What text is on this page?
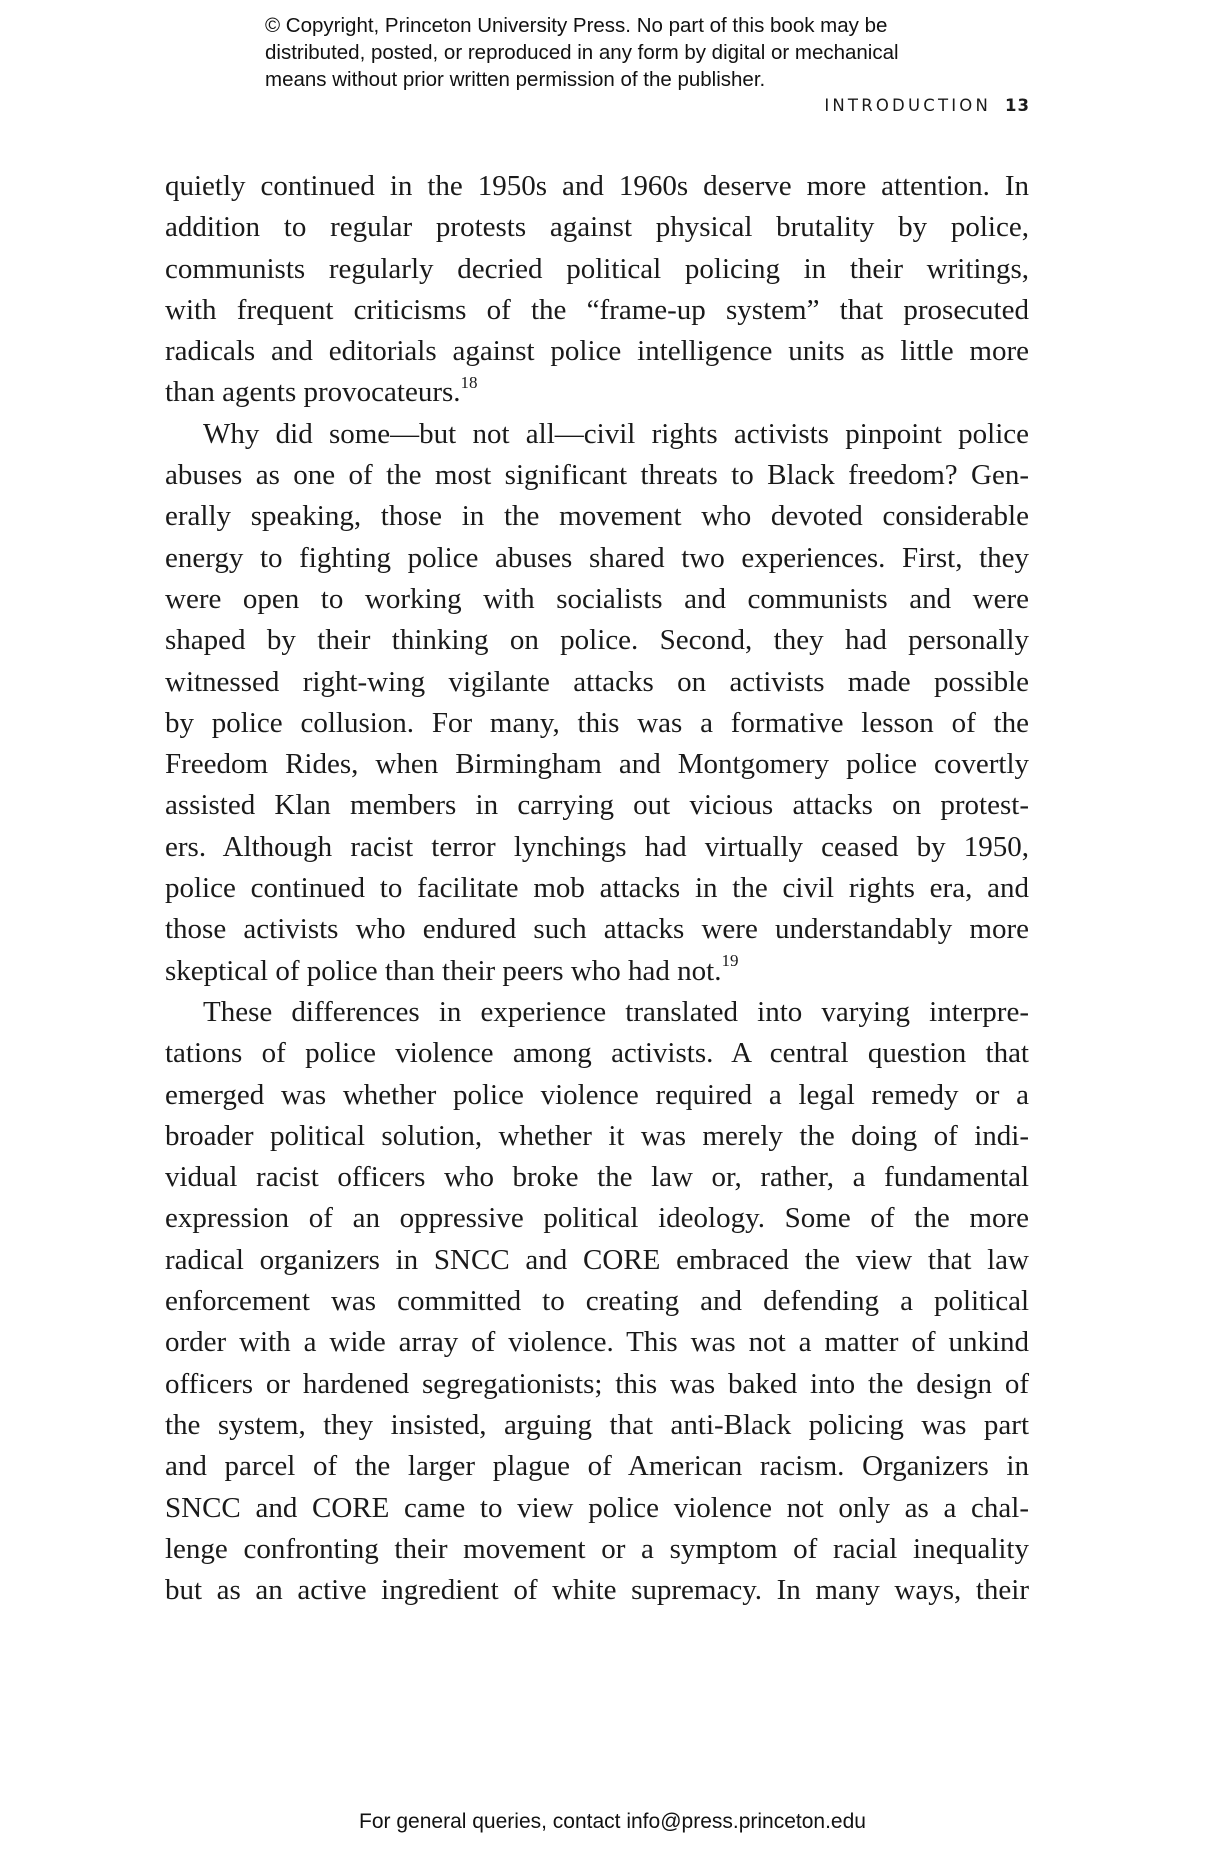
© Copyright, Princeton University Press. No part of this book may be
distributed, posted, or reproduced in any form by digital or mechanical
means without prior written permission of the publisher.
INTRODUCTION 13
quietly continued in the 1950s and 1960s deserve more attention. In
addition to regular protests against physical brutality by police,
communists regularly decried political policing in their writings,
with frequent criticisms of the “frame-up system” that prosecuted
radicals and editorials against police intelligence units as little more
than agents provocateurs.$^{18}$
Why did some—but not all—civil rights activists pinpoint police
abuses as one of the most significant threats to Black freedom? Gen-
erally speaking, those in the movement who devoted considerable
energy to fighting police abuses shared two experiences. First, they
were open to working with socialists and communists and were
shaped by their thinking on police. Second, they had personally
witnessed right-wing vigilante attacks on activists made possible
by police collusion. For many, this was a formative lesson of the
Freedom Rides, when Birmingham and Montgomery police covertly
assisted Klan members in carrying out vicious attacks on protest-
ers. Although racist terror lynchings had virtually ceased by 1950,
police continued to facilitate mob attacks in the civil rights era, and
those activists who endured such attacks were understandably more
skeptical of police than their peers who had not.$^{19}$
These differences in experience translated into varying interpre-
tations of police violence among activists. A central question that
emerged was whether police violence required a legal remedy or a
broader political solution, whether it was merely the doing of indi-
vidual racist officers who broke the law or, rather, a fundamental
expression of an oppressive political ideology. Some of the more
radical organizers in SNCC and CORE embraced the view that law
enforcement was committed to creating and defending a political
order with a wide array of violence. This was not a matter of unkind
officers or hardened segregationists; this was baked into the design of
the system, they insisted, arguing that anti-Black policing was part
and parcel of the larger plague of American racism. Organizers in
SNCC and CORE came to view police violence not only as a chal-
lenge confronting their movement or a symptom of racial inequality
but as an active ingredient of white supremacy. In many ways, their
For general queries, contact info@press.princeton.edu
